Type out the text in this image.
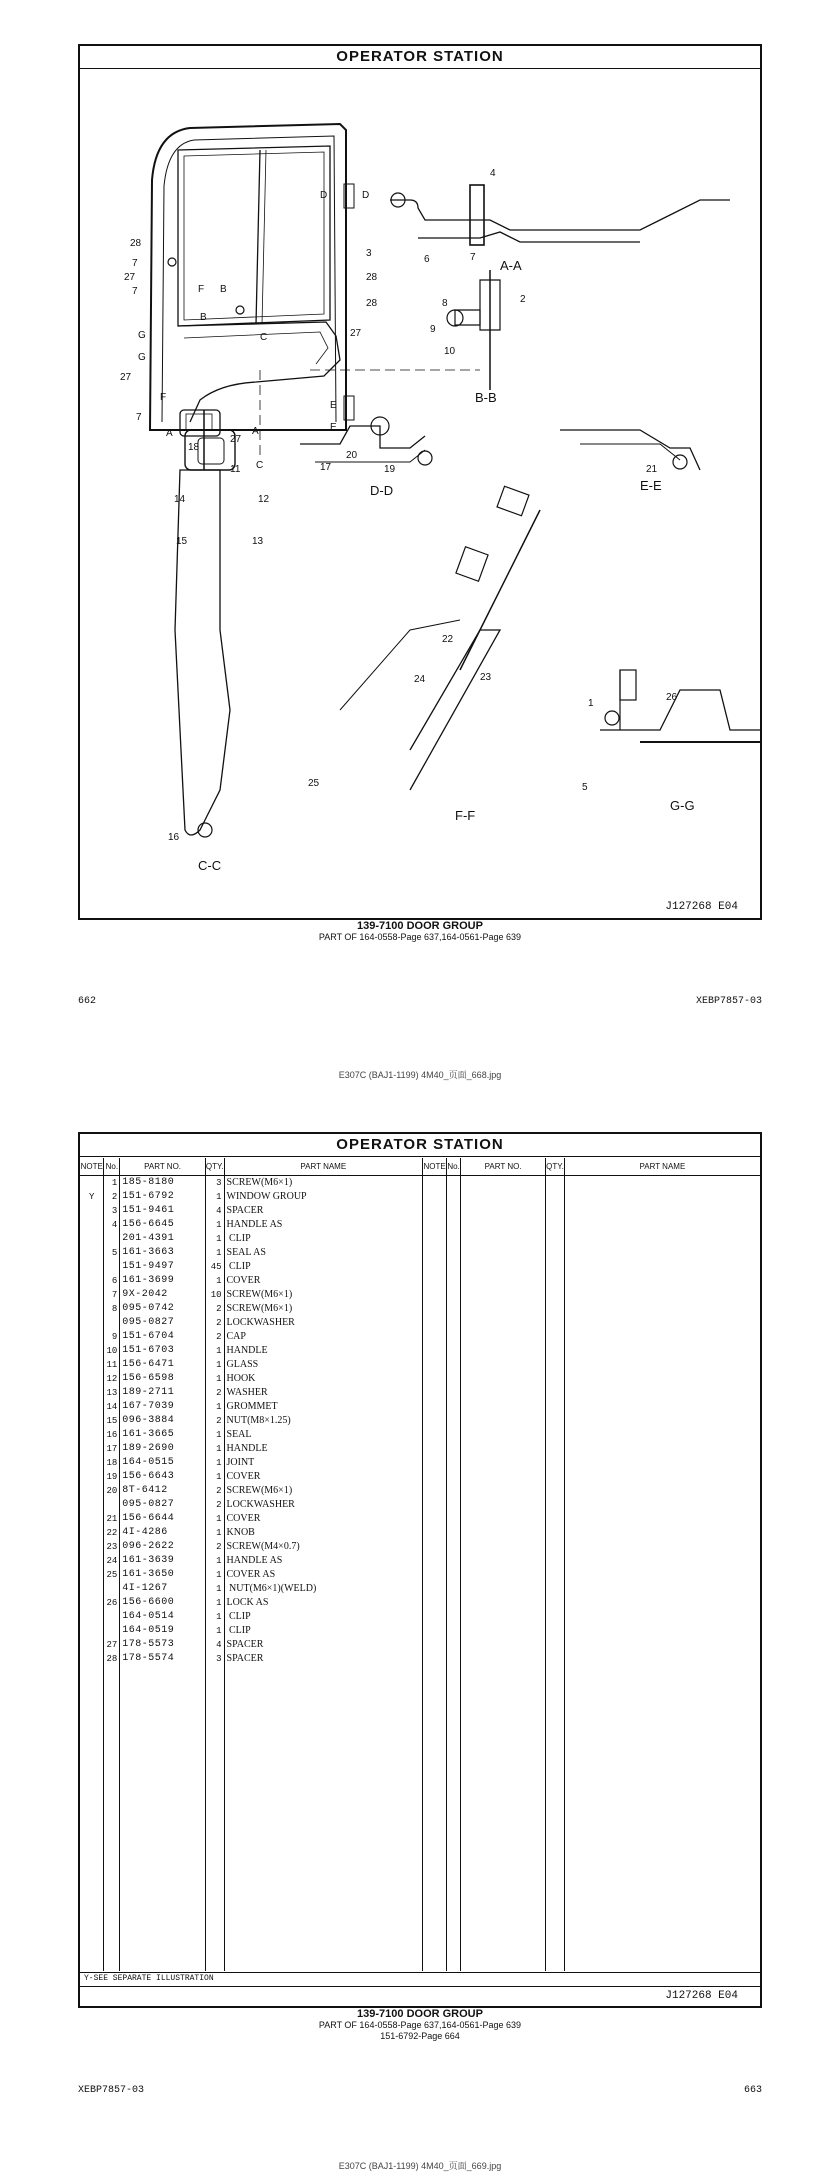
OPERATOR STATION
A-A
B-B
C-C
D-D	E-E
F-F
G-G
4
7
6
2
8
9
10
3
28
7
27
7
28
28
27
27
7
18
27
11
12
14
15	13
16
17
20
19	21
22
24	23
25
1
5
26
A	A
B
B
C
C
D	D
E
E
F
F
G
G
J127268 E04
139-7100 DOOR GROUP
PART OF 164-0558-Page 637,164-0561-Page 639
662	XEBP7857-03
E307C (BAJ1-1199) 4M40_页面_668.jpg
OPERATOR STATION
NOTE	No.	PART NO.	QTY.	PART NAME	NOTE	No.	PART NO.	QTY.	PART NAME
	1	185-8180	3	SCREW(M6×1)					
Y	2	151-6792	1	WINDOW GROUP					
	3	151-9461	4	SPACER					
	4	156-6645	1	HANDLE AS					
		201-4391	1	CLIP					
	5	161-3663	1	SEAL AS					
		151-9497	45	CLIP					
	6	161-3699	1	COVER					
	7	9X-2042	10	SCREW(M6×1)					
	8	095-0742	2	SCREW(M6×1)					
		095-0827	2	LOCKWASHER					
	9	151-6704	2	CAP					
	10	151-6703	1	HANDLE					
	11	156-6471	1	GLASS					
	12	156-6598	1	HOOK					
	13	189-2711	2	WASHER					
	14	167-7039	1	GROMMET					
	15	096-3884	2	NUT(M8×1.25)					
	16	161-3665	1	SEAL					
	17	189-2690	1	HANDLE					
	18	164-0515	1	JOINT					
	19	156-6643	1	COVER					
	20	8T-6412	2	SCREW(M6×1)					
		095-0827	2	LOCKWASHER					
	21	156-6644	1	COVER					
	22	4I-4286	1	KNOB					
	23	096-2622	2	SCREW(M4×0.7)					
	24	161-3639	1	HANDLE AS					
	25	161-3650	1	COVER AS					
		4I-1267	1	NUT(M6×1)(WELD)					
	26	156-6600	1	LOCK AS					
		164-0514	1	CLIP					
		164-0519	1	CLIP					
	27	178-5573	4	SPACER					
	28	178-5574	3	SPACER					

Y-SEE SEPARATE ILLUSTRATION
J127268 E04
139-7100 DOOR GROUP
PART OF 164-0558-Page 637,164-0561-Page 639
151-6792-Page 664
XEBP7857-03	663
E307C (BAJ1-1199) 4M40_页面_669.jpg
